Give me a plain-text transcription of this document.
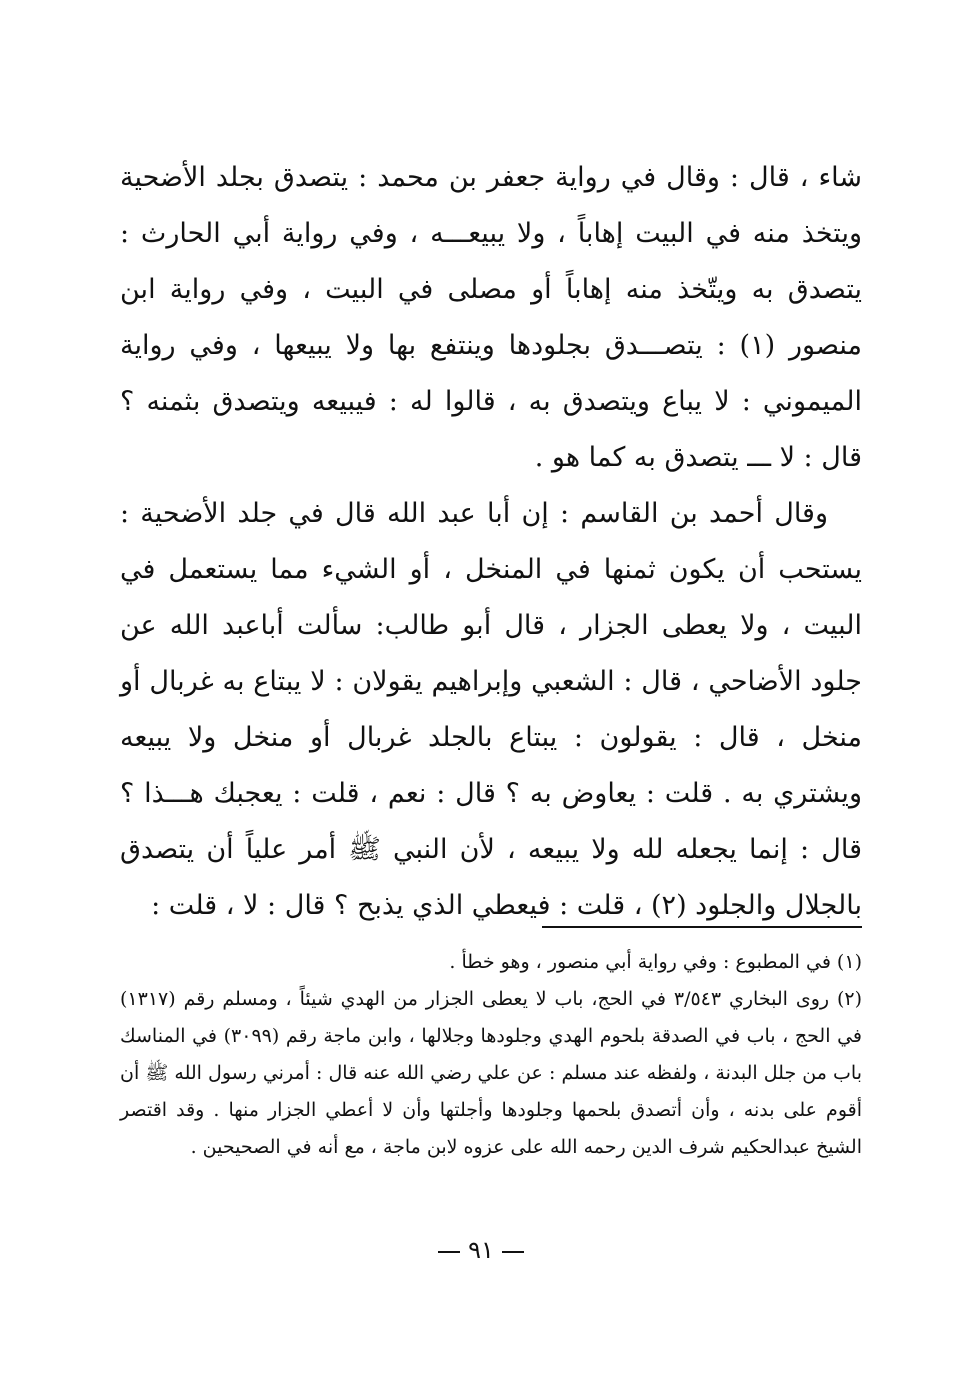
شاء ، قال : وقال في رواية جعفر بن محمد : يتصدق بجلد الأضحية ويتخذ منه في البيت إهاباً ، ولا يبيعـــه ، وفي رواية أبي الحارث : يتصدق به ويتّخذ منه إهاباً أو مصلى في البيت ، وفي رواية ابن منصور (١) : يتصـــدق بجلودها وينتفع بها ولا يبيعها ، وفي رواية الميموني : لا يباع ويتصدق به ، قالوا له : فيبيعه ويتصدق بثمنه ؟ قال : لا ـــ يتصدق به كما هو .

وقال أحمد بن القاسم : إن أبا عبد الله قال في جلد الأضحية : يستحب أن يكون ثمنها في المنخل ، أو الشيء مما يستعمل في البيت ، ولا يعطى الجزار ، قال أبو طالب: سألت أباعبد الله عن جلود الأضاحي ، قال : الشعبي وإبراهيم يقولان : لا يبتاع به غربال أو منخل ، قال : يقولون : يبتاع بالجلد غربال أو منخل ولا يبيعه ويشتري به . قلت : يعاوض به ؟ قال : نعم ، قلت : يعجبك هـــذا ؟ قال : إنما يجعله لله ولا يبيعه ، لأن النبي ﷺ أمر علياً أن يتصدق بالجلال والجلود (٢) ، قلت : فيعطي الذي يذبح ؟ قال : لا ، قلت :

(١) في المطبوع : وفي رواية أبي منصور ، وهو خطأ .

(٢) روى البخاري ٣/٥٤٣ في الحج، باب لا يعطى الجزار من الهدي شيئاً ، ومسلم رقم (١٣١٧) في الحج ، باب في الصدقة بلحوم الهدي وجلودها وجلالها ، وابن ماجة رقم (٣٠٩٩) في المناسك باب من جلل البدنة ، ولفظه عند مسلم : عن علي رضي الله عنه قال : أمرني رسول الله ﷺ أن أقوم على بدنه ، وأن أتصدق بلحمها وجلودها وأجلتها وأن لا أعطي الجزار منها . وقد اقتصر الشيخ عبدالحكيم شرف الدين رحمه الله على عزوه لابن ماجة ، مع أنه في الصحيحين .

٩١
